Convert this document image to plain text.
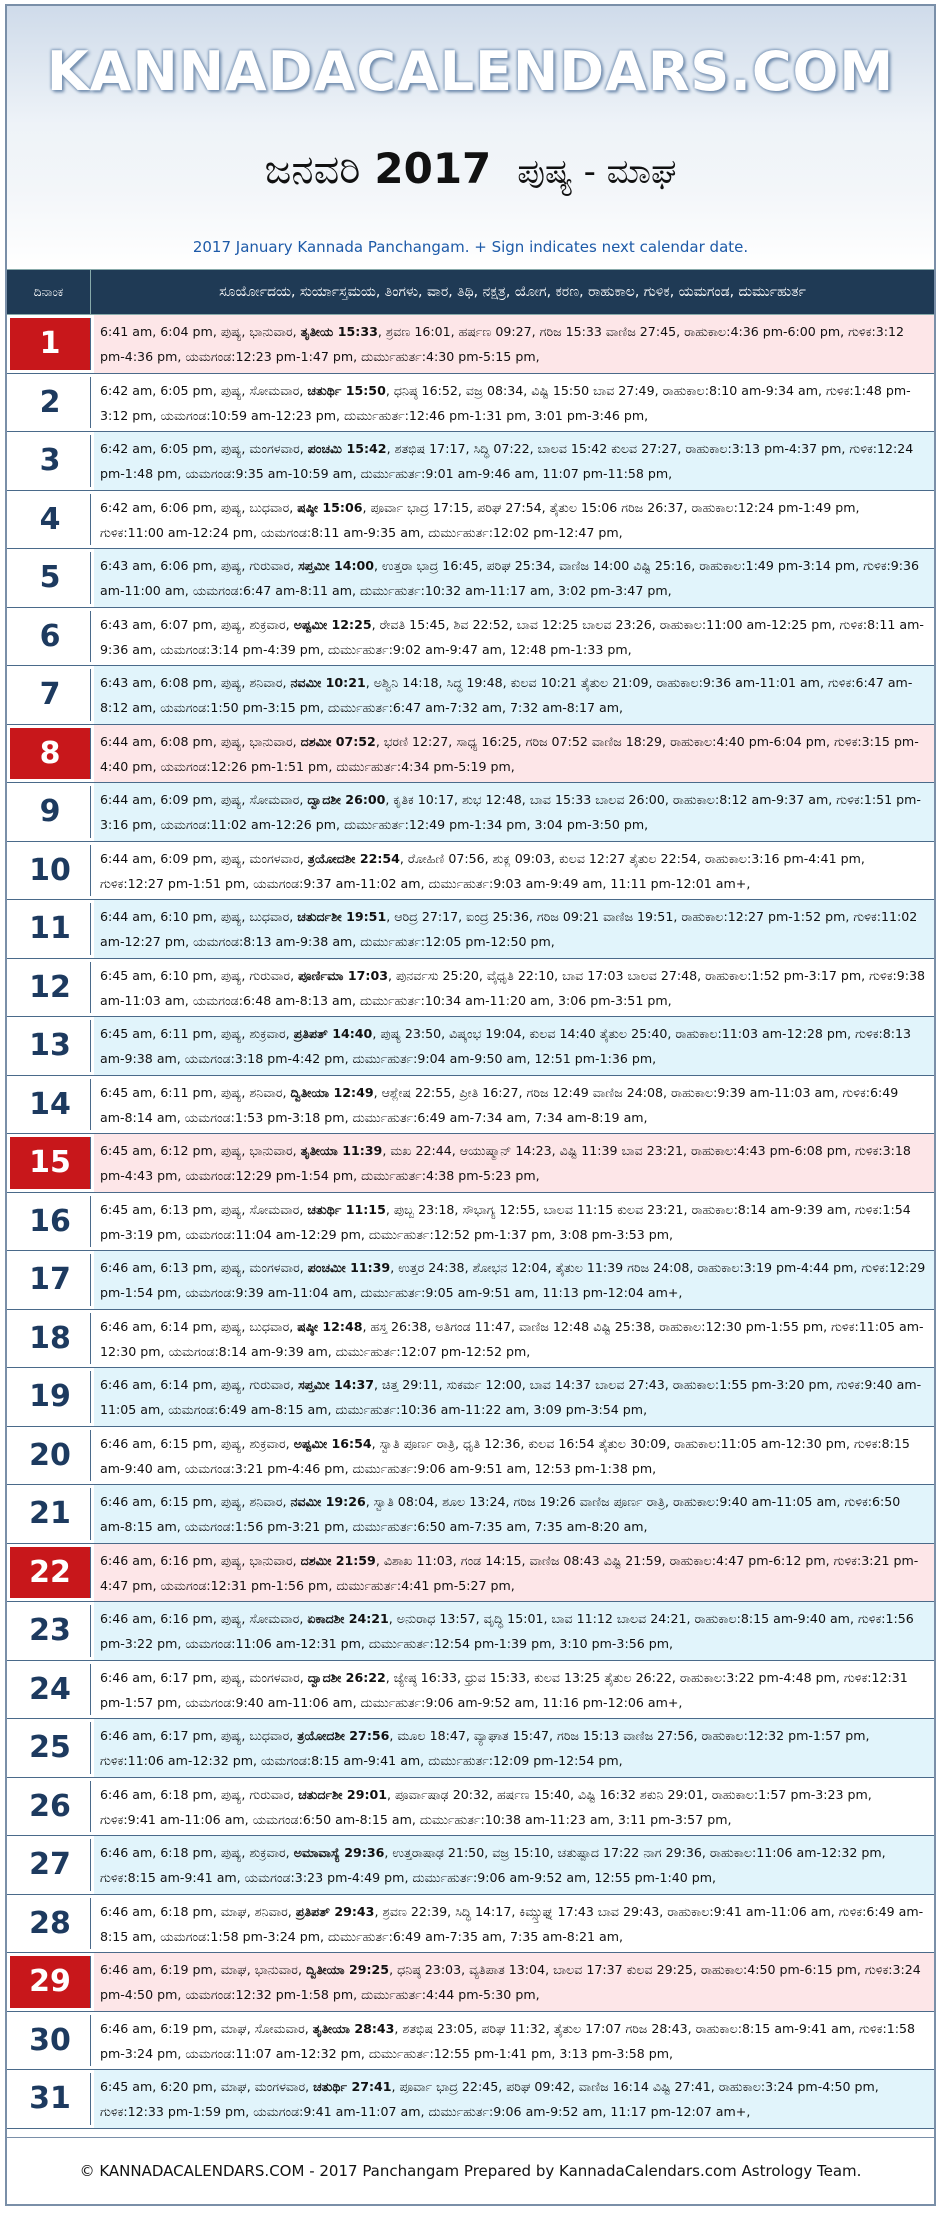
KANNADACALENDARS.COM
ಜನವರಿ 2017 ಪುಷ್ಯ - ಮಾಘ
2017 January Kannada Panchangam. + Sign indicates next calendar date.
ದಿನಾಂಕ	ಸೂರ್ಯೋದಯ, ಸುರ್ಯಾಸ್ತಮಯ, ತಿಂಗಳು, ವಾರ, ತಿಥಿ, ನಕ್ಷತ್ರ, ಯೋಗ, ಕರಣ, ರಾಹುಕಾಲ, ಗುಳಿಕ, ಯಮಗಂಡ, ದುರ್ಮುಹುರ್ತ
1	6:41 am, 6:04 pm, ಪುಷ್ಯ, ಭಾನುವಾರ, ತೃತೀಯ 15:33, ಶ್ರವಣ 16:01, ಹರ್ಷಣ 09:27, ಗರಿಜ 15:33 ವಾಣಿಜ 27:45, ರಾಹುಕಾಲ:4:36 pm-6:00 pm, ಗುಳಿಕ:3:12 pm-4:36 pm, ಯಮಗಂಡ:12:23 pm-1:47 pm, ದುರ್ಮುಹುರ್ತ:4:30 pm-5:15 pm,
2	6:42 am, 6:05 pm, ಪುಷ್ಯ, ಸೋಮವಾರ, ಚತುರ್ಥಿ 15:50, ಧನಿಷ್ಠ 16:52, ವಜ್ರ 08:34, ವಿಷ್ಟಿ 15:50 ಬಾವ 27:49, ರಾಹುಕಾಲ:8:10 am-9:34 am, ಗುಳಿಕ:1:48 pm-3:12 pm, ಯಮಗಂಡ:10:59 am-12:23 pm, ದುರ್ಮುಹುರ್ತ:12:46 pm-1:31 pm, 3:01 pm-3:46 pm,
3	6:42 am, 6:05 pm, ಪುಷ್ಯ, ಮಂಗಳವಾರ, ಪಂಚಮಿ 15:42, ಶತಭಿಷ 17:17, ಸಿದ್ಧಿ 07:22, ಬಾಲವ 15:42 ಕುಲವ 27:27, ರಾಹುಕಾಲ:3:13 pm-4:37 pm, ಗುಳಿಕ:12:24 pm-1:48 pm, ಯಮಗಂಡ:9:35 am-10:59 am, ದುರ್ಮುಹುರ್ತ:9:01 am-9:46 am, 11:07 pm-11:58 pm,
4	6:42 am, 6:06 pm, ಪುಷ್ಯ, ಬುಧವಾರ, ಷಷ್ಠೀ 15:06, ಪೂರ್ವಾ ಭಾದ್ರ 17:15, ಪರಿಘ 27:54, ತೈತುಲ 15:06 ಗರಿಜ 26:37, ರಾಹುಕಾಲ:12:24 pm-1:49 pm, ಗುಳಿಕ:11:00 am-12:24 pm, ಯಮಗಂಡ:8:11 am-9:35 am, ದುರ್ಮುಹುರ್ತ:12:02 pm-12:47 pm,
5	6:43 am, 6:06 pm, ಪುಷ್ಯ, ಗುರುವಾರ, ಸಪ್ತಮೀ 14:00, ಉತ್ತರಾ ಭಾದ್ರ 16:45, ಪರಿಘ 25:34, ವಾಣಿಜ 14:00 ವಿಷ್ಟಿ 25:16, ರಾಹುಕಾಲ:1:49 pm-3:14 pm, ಗುಳಿಕ:9:36 am-11:00 am, ಯಮಗಂಡ:6:47 am-8:11 am, ದುರ್ಮುಹುರ್ತ:10:32 am-11:17 am, 3:02 pm-3:47 pm,
6	6:43 am, 6:07 pm, ಪುಷ್ಯ, ಶುಕ್ರವಾರ, ಅಷ್ಟಮೀ 12:25, ರೇವತಿ 15:45, ಶಿವ 22:52, ಬಾವ 12:25 ಬಾಲವ 23:26, ರಾಹುಕಾಲ:11:00 am-12:25 pm, ಗುಳಿಕ:8:11 am-9:36 am, ಯಮಗಂಡ:3:14 pm-4:39 pm, ದುರ್ಮುಹುರ್ತ:9:02 am-9:47 am, 12:48 pm-1:33 pm,
7	6:43 am, 6:08 pm, ಪುಷ್ಯ, ಶನಿವಾರ, ನವಮೀ 10:21, ಅಶ್ವಿನಿ 14:18, ಸಿದ್ಧ 19:48, ಕುಲವ 10:21 ತೈತುಲ 21:09, ರಾಹುಕಾಲ:9:36 am-11:01 am, ಗುಳಿಕ:6:47 am-8:12 am, ಯಮಗಂಡ:1:50 pm-3:15 pm, ದುರ್ಮುಹುರ್ತ:6:47 am-7:32 am, 7:32 am-8:17 am,
8	6:44 am, 6:08 pm, ಪುಷ್ಯ, ಭಾನುವಾರ, ದಶಮೀ 07:52, ಭರಣಿ 12:27, ಸಾಧ್ಯ 16:25, ಗರಿಜ 07:52 ವಾಣಿಜ 18:29, ರಾಹುಕಾಲ:4:40 pm-6:04 pm, ಗುಳಿಕ:3:15 pm-4:40 pm, ಯಮಗಂಡ:12:26 pm-1:51 pm, ದುರ್ಮುಹುರ್ತ:4:34 pm-5:19 pm,
9	6:44 am, 6:09 pm, ಪುಷ್ಯ, ಸೋಮವಾರ, ದ್ವಾದಶೀ 26:00, ಕೃತಿಕ 10:17, ಶುಭ 12:48, ಬಾವ 15:33 ಬಾಲವ 26:00, ರಾಹುಕಾಲ:8:12 am-9:37 am, ಗುಳಿಕ:1:51 pm-3:16 pm, ಯಮಗಂಡ:11:02 am-12:26 pm, ದುರ್ಮುಹುರ್ತ:12:49 pm-1:34 pm, 3:04 pm-3:50 pm,
10	6:44 am, 6:09 pm, ಪುಷ್ಯ, ಮಂಗಳವಾರ, ತ್ರಯೋದಶೀ 22:54, ರೋಹಿಣಿ 07:56, ಶುಕ್ಲ 09:03, ಕುಲವ 12:27 ತೈತುಲ 22:54, ರಾಹುಕಾಲ:3:16 pm-4:41 pm, ಗುಳಿಕ:12:27 pm-1:51 pm, ಯಮಗಂಡ:9:37 am-11:02 am, ದುರ್ಮುಹುರ್ತ:9:03 am-9:49 am, 11:11 pm-12:01 am+,
11	6:44 am, 6:10 pm, ಪುಷ್ಯ, ಬುಧವಾರ, ಚತುರ್ದಶೀ 19:51, ಆರಿದ್ರ 27:17, ಐಂದ್ರ 25:36, ಗರಿಜ 09:21 ವಾಣಿಜ 19:51, ರಾಹುಕಾಲ:12:27 pm-1:52 pm, ಗುಳಿಕ:11:02 am-12:27 pm, ಯಮಗಂಡ:8:13 am-9:38 am, ದುರ್ಮುಹುರ್ತ:12:05 pm-12:50 pm,
12	6:45 am, 6:10 pm, ಪುಷ್ಯ, ಗುರುವಾರ, ಪೂರ್ಣಿಮಾ 17:03, ಪುನರ್ವಸು 25:20, ವೈಧೃತಿ 22:10, ಬಾವ 17:03 ಬಾಲವ 27:48, ರಾಹುಕಾಲ:1:52 pm-3:17 pm, ಗುಳಿಕ:9:38 am-11:03 am, ಯಮಗಂಡ:6:48 am-8:13 am, ದುರ್ಮುಹುರ್ತ:10:34 am-11:20 am, 3:06 pm-3:51 pm,
13	6:45 am, 6:11 pm, ಪುಷ್ಯ, ಶುಕ್ರವಾರ, ಪ್ರತಿಪತ್ 14:40, ಪುಷ್ಯ 23:50, ವಿಷ್ಕಂಭ 19:04, ಕುಲವ 14:40 ತೈತುಲ 25:40, ರಾಹುಕಾಲ:11:03 am-12:28 pm, ಗುಳಿಕ:8:13 am-9:38 am, ಯಮಗಂಡ:3:18 pm-4:42 pm, ದುರ್ಮುಹುರ್ತ:9:04 am-9:50 am, 12:51 pm-1:36 pm,
14	6:45 am, 6:11 pm, ಪುಷ್ಯ, ಶನಿವಾರ, ದ್ವಿತೀಯಾ 12:49, ಆಶ್ಲೇಷ 22:55, ಪ್ರೀತಿ 16:27, ಗರಿಜ 12:49 ವಾಣಿಜ 24:08, ರಾಹುಕಾಲ:9:39 am-11:03 am, ಗುಳಿಕ:6:49 am-8:14 am, ಯಮಗಂಡ:1:53 pm-3:18 pm, ದುರ್ಮುಹುರ್ತ:6:49 am-7:34 am, 7:34 am-8:19 am,
15	6:45 am, 6:12 pm, ಪುಷ್ಯ, ಭಾನುವಾರ, ತೃತೀಯಾ 11:39, ಮಖ 22:44, ಆಯುಷ್ಮಾನ್ 14:23, ವಿಷ್ಟಿ 11:39 ಬಾವ 23:21, ರಾಹುಕಾಲ:4:43 pm-6:08 pm, ಗುಳಿಕ:3:18 pm-4:43 pm, ಯಮಗಂಡ:12:29 pm-1:54 pm, ದುರ್ಮುಹುರ್ತ:4:38 pm-5:23 pm,
16	6:45 am, 6:13 pm, ಪುಷ್ಯ, ಸೋಮವಾರ, ಚತುರ್ಥಿ 11:15, ಪುಬ್ಬ 23:18, ಸೌಭಾಗ್ಯ 12:55, ಬಾಲವ 11:15 ಕುಲವ 23:21, ರಾಹುಕಾಲ:8:14 am-9:39 am, ಗುಳಿಕ:1:54 pm-3:19 pm, ಯಮಗಂಡ:11:04 am-12:29 pm, ದುರ್ಮುಹುರ್ತ:12:52 pm-1:37 pm, 3:08 pm-3:53 pm,
17	6:46 am, 6:13 pm, ಪುಷ್ಯ, ಮಂಗಳವಾರ, ಪಂಚಮೀ 11:39, ಉತ್ತರ 24:38, ಶೋಭನ 12:04, ತೈತುಲ 11:39 ಗರಿಜ 24:08, ರಾಹುಕಾಲ:3:19 pm-4:44 pm, ಗುಳಿಕ:12:29 pm-1:54 pm, ಯಮಗಂಡ:9:39 am-11:04 am, ದುರ್ಮುಹುರ್ತ:9:05 am-9:51 am, 11:13 pm-12:04 am+,
18	6:46 am, 6:14 pm, ಪುಷ್ಯ, ಬುಧವಾರ, ಷಷ್ಠೀ 12:48, ಹಸ್ತ 26:38, ಅತಿಗಂಡ 11:47, ವಾಣಿಜ 12:48 ವಿಷ್ಟಿ 25:38, ರಾಹುಕಾಲ:12:30 pm-1:55 pm, ಗುಳಿಕ:11:05 am-12:30 pm, ಯಮಗಂಡ:8:14 am-9:39 am, ದುರ್ಮುಹುರ್ತ:12:07 pm-12:52 pm,
19	6:46 am, 6:14 pm, ಪುಷ್ಯ, ಗುರುವಾರ, ಸಪ್ತಮೀ 14:37, ಚಿತ್ತ 29:11, ಸುಕರ್ಮ 12:00, ಬಾವ 14:37 ಬಾಲವ 27:43, ರಾಹುಕಾಲ:1:55 pm-3:20 pm, ಗುಳಿಕ:9:40 am-11:05 am, ಯಮಗಂಡ:6:49 am-8:15 am, ದುರ್ಮುಹುರ್ತ:10:36 am-11:22 am, 3:09 pm-3:54 pm,
20	6:46 am, 6:15 pm, ಪುಷ್ಯ, ಶುಕ್ರವಾರ, ಅಷ್ಟಮೀ 16:54, ಸ್ವಾತಿ ಪೂರ್ಣ ರಾತ್ರಿ, ಧೃತಿ 12:36, ಕುಲವ 16:54 ತೈತುಲ 30:09, ರಾಹುಕಾಲ:11:05 am-12:30 pm, ಗುಳಿಕ:8:15 am-9:40 am, ಯಮಗಂಡ:3:21 pm-4:46 pm, ದುರ್ಮುಹುರ್ತ:9:06 am-9:51 am, 12:53 pm-1:38 pm,
21	6:46 am, 6:15 pm, ಪುಷ್ಯ, ಶನಿವಾರ, ನವಮೀ 19:26, ಸ್ವಾತಿ 08:04, ಶೂಲ 13:24, ಗರಿಜ 19:26 ವಾಣಿಜ ಪೂರ್ಣ ರಾತ್ರಿ, ರಾಹುಕಾಲ:9:40 am-11:05 am, ಗುಳಿಕ:6:50 am-8:15 am, ಯಮಗಂಡ:1:56 pm-3:21 pm, ದುರ್ಮುಹುರ್ತ:6:50 am-7:35 am, 7:35 am-8:20 am,
22	6:46 am, 6:16 pm, ಪುಷ್ಯ, ಭಾನುವಾರ, ದಶಮೀ 21:59, ವಿಶಾಖ 11:03, ಗಂಡ 14:15, ವಾಣಿಜ 08:43 ವಿಷ್ಟಿ 21:59, ರಾಹುಕಾಲ:4:47 pm-6:12 pm, ಗುಳಿಕ:3:21 pm-4:47 pm, ಯಮಗಂಡ:12:31 pm-1:56 pm, ದುರ್ಮುಹುರ್ತ:4:41 pm-5:27 pm,
23	6:46 am, 6:16 pm, ಪುಷ್ಯ, ಸೋಮವಾರ, ಏಕಾದಶೀ 24:21, ಅನುರಾಧ 13:57, ವೃದ್ಧಿ 15:01, ಬಾವ 11:12 ಬಾಲವ 24:21, ರಾಹುಕಾಲ:8:15 am-9:40 am, ಗುಳಿಕ:1:56 pm-3:22 pm, ಯಮಗಂಡ:11:06 am-12:31 pm, ದುರ್ಮುಹುರ್ತ:12:54 pm-1:39 pm, 3:10 pm-3:56 pm,
24	6:46 am, 6:17 pm, ಪುಷ್ಯ, ಮಂಗಳವಾರ, ದ್ವಾದಶೀ 26:22, ಜ್ಯೇಷ್ಠ 16:33, ಧ್ರುವ 15:33, ಕುಲವ 13:25 ತೈತುಲ 26:22, ರಾಹುಕಾಲ:3:22 pm-4:48 pm, ಗುಳಿಕ:12:31 pm-1:57 pm, ಯಮಗಂಡ:9:40 am-11:06 am, ದುರ್ಮುಹುರ್ತ:9:06 am-9:52 am, 11:16 pm-12:06 am+,
25	6:46 am, 6:17 pm, ಪುಷ್ಯ, ಬುಧವಾರ, ತ್ರಯೋದಶೀ 27:56, ಮೂಲ 18:47, ವ್ಯಾಘಾತ 15:47, ಗರಿಜ 15:13 ವಾಣಿಜ 27:56, ರಾಹುಕಾಲ:12:32 pm-1:57 pm, ಗುಳಿಕ:11:06 am-12:32 pm, ಯಮಗಂಡ:8:15 am-9:41 am, ದುರ್ಮುಹುರ್ತ:12:09 pm-12:54 pm,
26	6:46 am, 6:18 pm, ಪುಷ್ಯ, ಗುರುವಾರ, ಚತುರ್ದಶೀ 29:01, ಪೂರ್ವಾಷಾಢ 20:32, ಹರ್ಷಣ 15:40, ವಿಷ್ಟಿ 16:32 ಶಕುನಿ 29:01, ರಾಹುಕಾಲ:1:57 pm-3:23 pm, ಗುಳಿಕ:9:41 am-11:06 am, ಯಮಗಂಡ:6:50 am-8:15 am, ದುರ್ಮುಹುರ್ತ:10:38 am-11:23 am, 3:11 pm-3:57 pm,
27	6:46 am, 6:18 pm, ಪುಷ್ಯ, ಶುಕ್ರವಾರ, ಅಮಾವಾಸ್ಯೆ 29:36, ಉತ್ತರಾಷಾಢ 21:50, ವಜ್ರ 15:10, ಚತುಷ್ಪಾದ 17:22 ನಾಗ 29:36, ರಾಹುಕಾಲ:11:06 am-12:32 pm, ಗುಳಿಕ:8:15 am-9:41 am, ಯಮಗಂಡ:3:23 pm-4:49 pm, ದುರ್ಮುಹುರ್ತ:9:06 am-9:52 am, 12:55 pm-1:40 pm,
28	6:46 am, 6:18 pm, ಮಾಘ, ಶನಿವಾರ, ಪ್ರತಿಪತ್ 29:43, ಶ್ರವಣ 22:39, ಸಿದ್ಧಿ 14:17, ಕಿಮ್ಸ್ತುಘ್ನ 17:43 ಬಾವ 29:43, ರಾಹುಕಾಲ:9:41 am-11:06 am, ಗುಳಿಕ:6:49 am-8:15 am, ಯಮಗಂಡ:1:58 pm-3:24 pm, ದುರ್ಮುಹುರ್ತ:6:49 am-7:35 am, 7:35 am-8:21 am,
29	6:46 am, 6:19 pm, ಮಾಘ, ಭಾನುವಾರ, ದ್ವಿತೀಯಾ 29:25, ಧನಿಷ್ಠ 23:03, ವ್ಯತಿಪಾತ 13:04, ಬಾಲವ 17:37 ಕುಲವ 29:25, ರಾಹುಕಾಲ:4:50 pm-6:15 pm, ಗುಳಿಕ:3:24 pm-4:50 pm, ಯಮಗಂಡ:12:32 pm-1:58 pm, ದುರ್ಮುಹುರ್ತ:4:44 pm-5:30 pm,
30	6:46 am, 6:19 pm, ಮಾಘ, ಸೋಮವಾರ, ತೃತೀಯಾ 28:43, ಶತಭಿಷ 23:05, ಪರಿಘ 11:32, ತೈತುಲ 17:07 ಗರಿಜ 28:43, ರಾಹುಕಾಲ:8:15 am-9:41 am, ಗುಳಿಕ:1:58 pm-3:24 pm, ಯಮಗಂಡ:11:07 am-12:32 pm, ದುರ್ಮುಹುರ್ತ:12:55 pm-1:41 pm, 3:13 pm-3:58 pm,
31	6:45 am, 6:20 pm, ಮಾಘ, ಮಂಗಳವಾರ, ಚತುರ್ಥಿ 27:41, ಪೂರ್ವಾ ಭಾದ್ರ 22:45, ಪರಿಘ 09:42, ವಾಣಿಜ 16:14 ವಿಷ್ಟಿ 27:41, ರಾಹುಕಾಲ:3:24 pm-4:50 pm, ಗುಳಿಕ:12:33 pm-1:59 pm, ಯಮಗಂಡ:9:41 am-11:07 am, ದುರ್ಮುಹುರ್ತ:9:06 am-9:52 am, 11:17 pm-12:07 am+,
© KANNADACALENDARS.COM - 2017 Panchangam Prepared by KannadaCalendars.com Astrology Team.
